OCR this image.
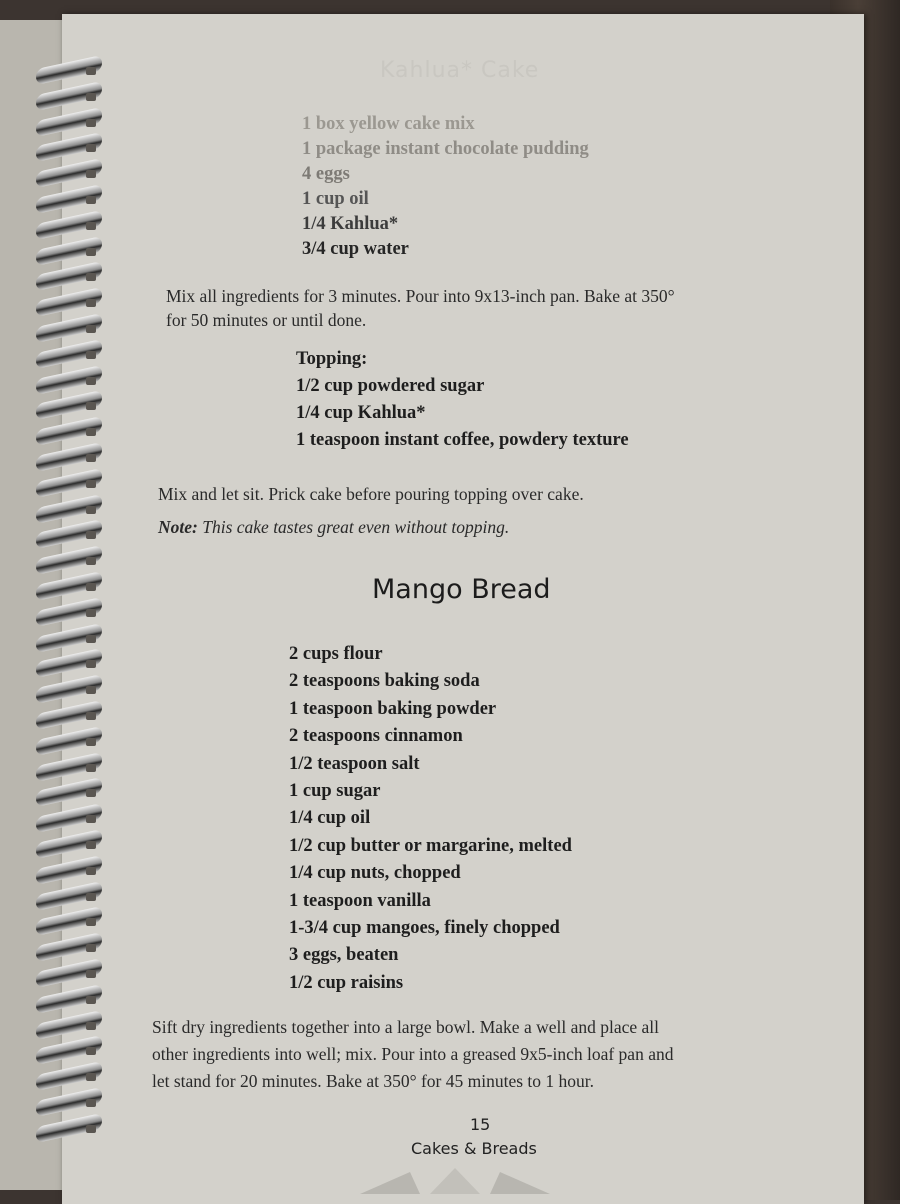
Kahlua* Cake
1 box yellow cake mix
1 package instant chocolate pudding
4 eggs
1 cup oil
1/4 Kahlua*
3/4 cup water
Mix all ingredients for 3 minutes. Pour into 9x13-inch pan. Bake at 350°
for 50 minutes or until done.
Topping:
1/2 cup powdered sugar
1/4 cup Kahlua*
1 teaspoon instant coffee, powdery texture
Mix and let sit. Prick cake before pouring topping over cake.
Note: This cake tastes great even without topping.
Mango Bread
2 cups flour
2 teaspoons baking soda
1 teaspoon baking powder
2 teaspoons cinnamon
1/2 teaspoon salt
1 cup sugar
1/4 cup oil
1/2 cup butter or margarine, melted
1/4 cup nuts, chopped
1 teaspoon vanilla
1-3/4 cup mangoes, finely chopped
3 eggs, beaten
1/2 cup raisins
Sift dry ingredients together into a large bowl. Make a well and place all
other ingredients into well; mix. Pour into a greased 9x5-inch loaf pan and
let stand for 20 minutes. Bake at 350° for 45 minutes to 1 hour.
15
Cakes & Breads
